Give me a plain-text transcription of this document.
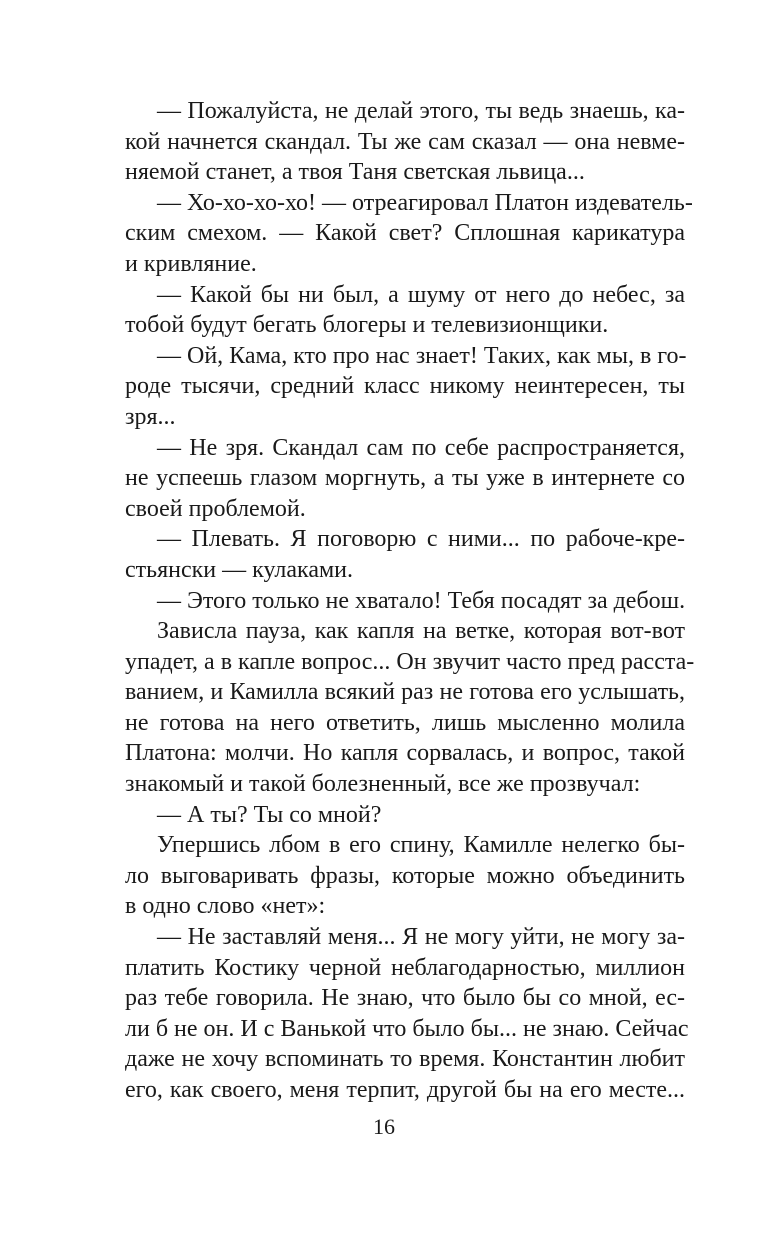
— Пожалуйста, не делай этого, ты ведь знаешь, ка-
кой начнется скандал. Ты же сам сказал — она невме-
няемой станет, а твоя Таня светская львица...
— Хо-хо-хо-хо! — отреагировал Платон издеватель-
ским смехом. — Какой свет? Сплошная карикатура
и кривляние.
— Какой бы ни был, а шуму от него до небес, за
тобой будут бегать блогеры и телевизионщики.
— Ой, Кама, кто про нас знает! Таких, как мы, в го-
роде тысячи, средний класс никому неинтересен, ты
зря...
— Не зря. Скандал сам по себе распространяется,
не успеешь глазом моргнуть, а ты уже в интернете со
своей проблемой.
— Плевать. Я поговорю с ними... по рабоче-кре-
стьянски — кулаками.
— Этого только не хватало! Тебя посадят за дебош.
Зависла пауза, как капля на ветке, которая вот-вот
упадет, а в капле вопрос... Он звучит часто пред расста-
ванием, и Камилла всякий раз не готова его услышать,
не готова на него ответить, лишь мысленно молила
Платона: молчи. Но капля сорвалась, и вопрос, такой
знакомый и такой болезненный, все же прозвучал:
— А ты? Ты со мной?
Упершись лбом в его спину, Камилле нелегко бы-
ло выговаривать фразы, которые можно объединить
в одно слово «нет»:
— Не заставляй меня... Я не могу уйти, не могу за-
платить Костику черной неблагодарностью, миллион
раз тебе говорила. Не знаю, что было бы со мной, ес-
ли б не он. И с Ванькой что было бы... не знаю. Сейчас
даже не хочу вспоминать то время. Константин любит
его, как своего, меня терпит, другой бы на его месте...
16
